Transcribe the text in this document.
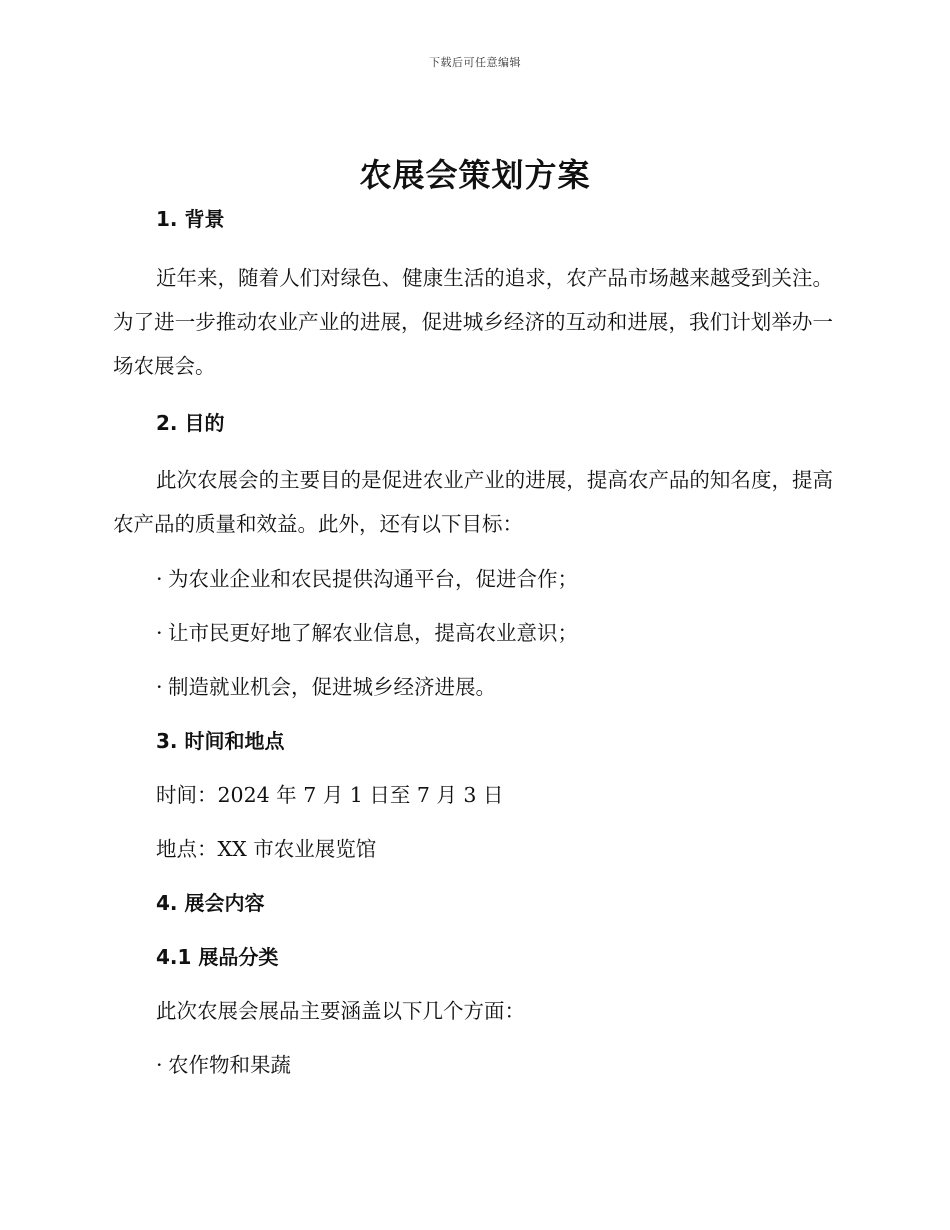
下载后可任意编辑
农展会策划方案
1. 背景

近年来，随着人们对绿色、健康生活的追求，农产品市场越来越受到关注。为了进一步推动农业产业的进展，促进城乡经济的互动和进展，我们计划举办一场农展会。

2. 目的

此次农展会的主要目的是促进农业产业的进展，提高农产品的知名度，提高农产品的质量和效益。此外，还有以下目标：

· 为农业企业和农民提供沟通平台，促进合作；
· 让市民更好地了解农业信息，提高农业意识；
· 制造就业机会，促进城乡经济进展。
3. 时间和地点
时间：2024 年 7 月 1 日至 7 月 3 日
地点：XX 市农业展览馆
4. 展会内容
4.1 展品分类
此次农展会展品主要涵盖以下几个方面：
· 农作物和果蔬
